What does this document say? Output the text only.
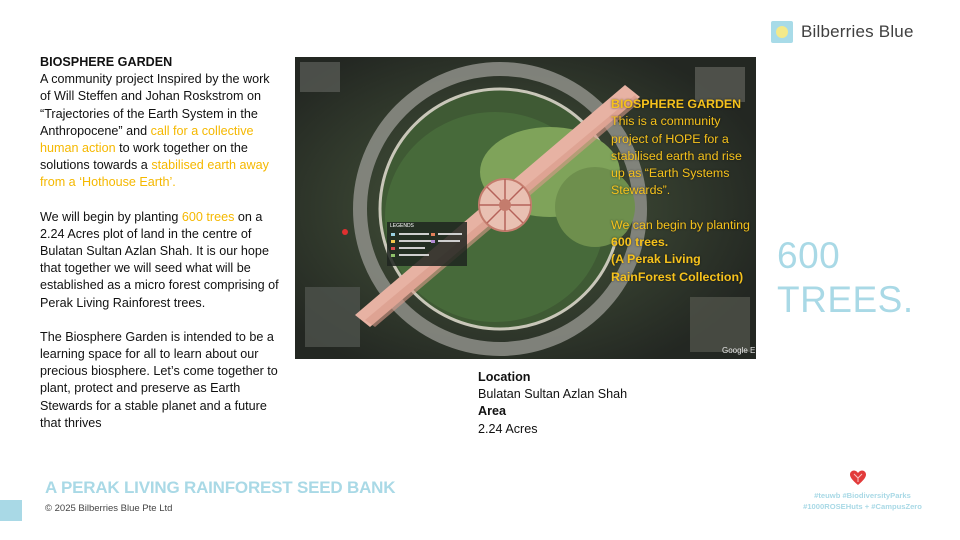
Bilberries Blue
BIOSPHERE GARDEN

A community project Inspired by the work of Will Steffen and Johan Roskstrom on “Trajectories of the Earth System in the Anthropocene” and call for a collective human action to work together on the solutions towards a stabilised earth away from a ‘Hothouse Earth’.

We will begin by planting 600 trees on a 2.24 Acres plot of land in the centre of Bulatan Sultan Azlan Shah. It is our hope that together we will seed what will be established as a micro forest comprising of Perak Living Rainforest trees.

The Biosphere Garden is intended to be a learning space for all to learn about our precious biosphere. Let’s come together to plant, protect and preserve as Earth Stewards for a stable planet and a future that thrives

LEGENDS
BIOSPHERE GARDEN

This is a community project of HOPE for a stabilised earth and rise up as “Earth Systems Stewards”.

We can begin by planting 600 trees.
(A Perak Living RainForest Collection)

Google E
600
TREES.
Location
Bulatan Sultan Azlan Shah
Area
2.24 Acres
A PERAK LIVING RAINFOREST SEED BANK
© 2025 Bilberries Blue Pte Ltd
#teuwb #BiodiversityParks
#1000ROSEHuts + #CampusZero
